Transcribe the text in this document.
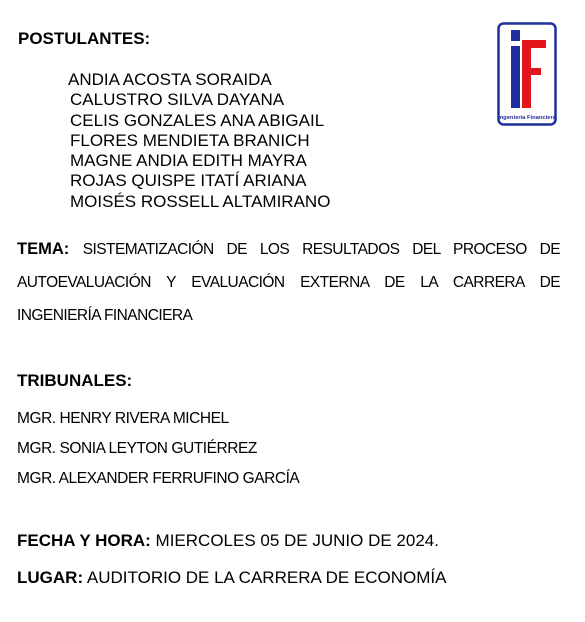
POSTULANTES:
ANDIA ACOSTA SORAIDA
CALUSTRO SILVA DAYANA
CELIS GONZALES ANA ABIGAIL
FLORES MENDIETA BRANICH
MAGNE ANDIA EDITH MAYRA
ROJAS QUISPE ITATÍ ARIANA
MOISÉS ROSSELL ALTAMIRANO
Ingeniería Financiera
TEMA: SISTEMATIZACIÓN DE LOS RESULTADOS DEL PROCESO DE AUTOEVALUACIÓN Y EVALUACIÓN EXTERNA DE LA CARRERA DE INGENIERÍA FINANCIERA
TRIBUNALES:
MGR. HENRY RIVERA MICHEL
MGR. SONIA LEYTON GUTIÉRREZ
MGR. ALEXANDER FERRUFINO GARCÍA
FECHA Y HORA: MIERCOLES 05 DE JUNIO DE 2024.
LUGAR: AUDITORIO DE LA CARRERA DE ECONOMÍA
